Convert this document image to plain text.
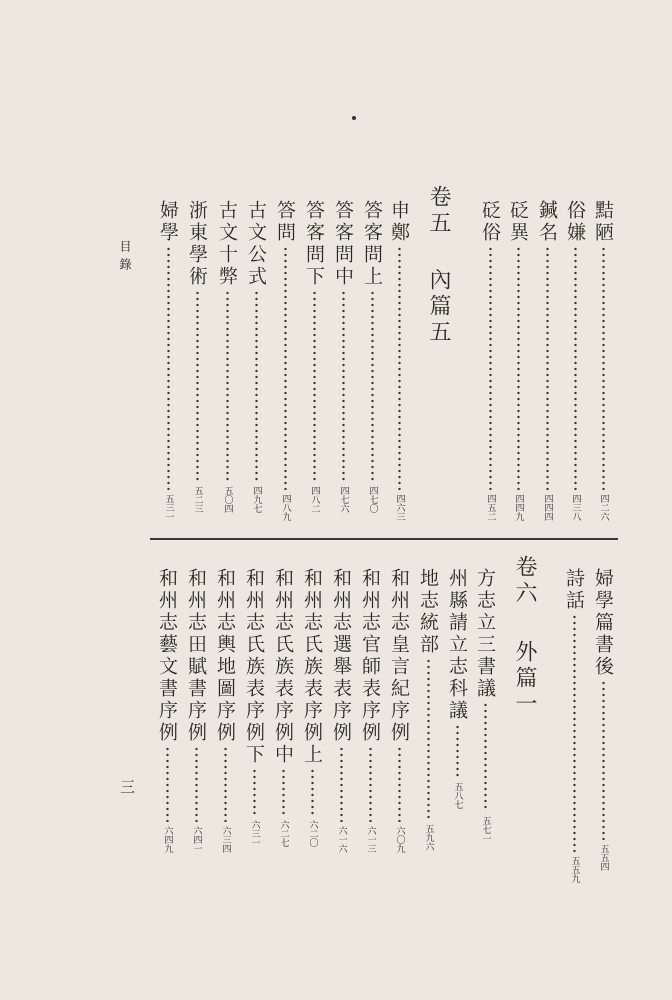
黠陋
四二六
俗嫌
四三八
鍼名
四四四
砭異
四四九
砭俗
四五二
卷五
內篇五
申鄭
四六三
答客問上
四七〇
答客問中
四七六
答客問下
四八二
答問
四八九
古文公式
四九七
古文十弊
五〇四
浙東學術
五二三
婦學
五三一
目錄
婦學篇書後
五五四
詩話
五五九
卷六
外篇一
方志立三書議
五七一
州縣請立志科議
五八七
地志統部
五九六
和州志皇言紀序例
六〇九
和州志官師表序例
六一三
和州志選舉表序例
六一六
和州志氏族表序例上
六二〇
和州志氏族表序例中
六二七
和州志氏族表序例下
六三一
和州志輿地圖序例
六三四
和州志田賦書序例
六四一
和州志藝文書序例
六四九
三
